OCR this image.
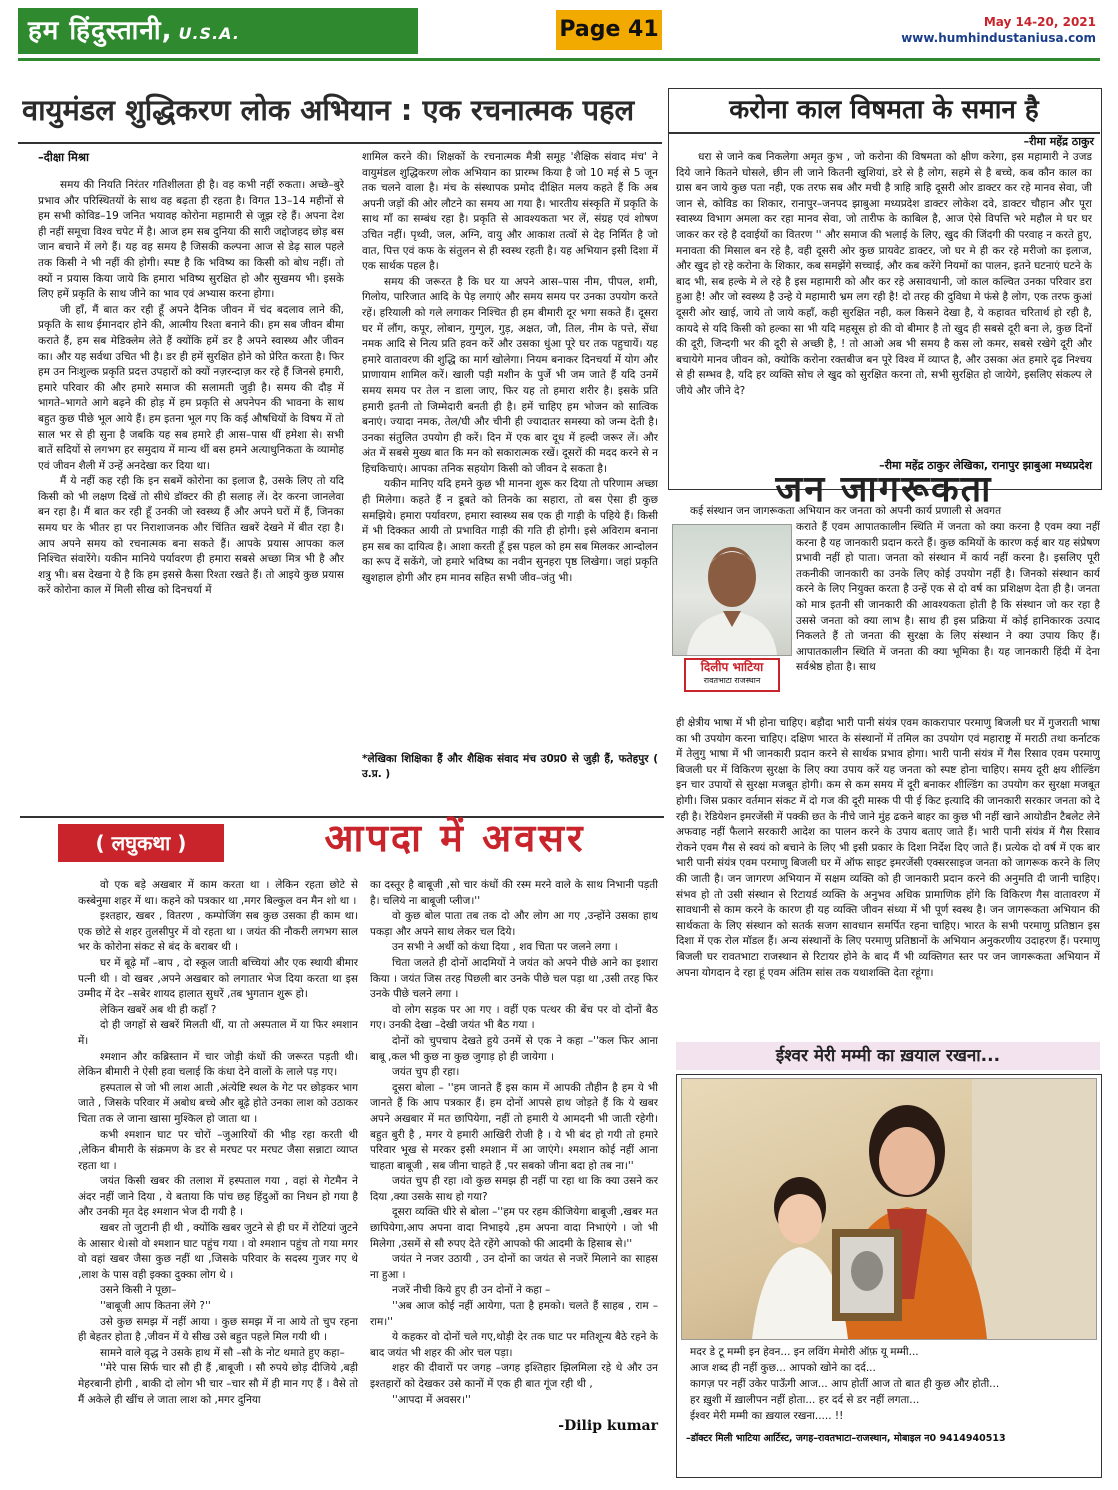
हम हिंदुस्तानी, U.S.A.	Page 41	May 14-20, 2021
www.humhindustaniusa.com
वायुमंडल शुद्धिकरण लोक अभियान : एक रचनात्मक पहल
–दीक्षा मिश्रा

समय की नियति निरंतर गतिशीलता ही है। वह कभी नहीं रुकता। अच्छे–बुरे प्रभाव और परिस्थितयों के साथ वह बढ़ता ही रहता है। विगत 13–14 महीनों से हम सभी कोविड–19 जनित भयावह कोरोना महामारी से जूझ रहे हैं। अपना देश ही नहीं समूचा विश्व चपेट में है। आज हम सब दुनिया की सारी जद्दोजहद छोड़ बस जान बचाने में लगे हैं। यह वह समय है जिसकी कल्पना आज से डेढ़ साल पहले तक किसी ने भी नहीं की होगी। स्पष्ट है कि भविष्य का किसी को बोध नहीं। तो क्यों न प्रयास किया जाये कि हमारा भविष्य सुरक्षित हो और सुखमय भी। इसके लिए हमें प्रकृति के साथ जीने का भाव एवं अभ्यास करना होगा।

जी हाँ, मैं बात कर रही हूँ अपने दैनिक जीवन में चंद बदलाव लाने की, प्रकृति के साथ ईमानदार होने की, आत्मीय रिश्ता बनाने की। हम सब जीवन बीमा कराते हैं, हम सब मेडिक्लेम लेते हैं क्योंकि हमें डर है अपने स्वास्थ्य और जीवन का। और यह सर्वथा उचित भी है। डर ही हमें सुरक्षित होने को प्रेरित करता है। फिर हम उन निःशुल्क प्रकृति प्रदत्त उपहारों को क्यों नज़रन्दाज़ कर रहे हैं जिनसे हमारी, हमारे परिवार की और हमारे समाज की सलामती जुड़ी है। समय की दौड़ में भागते–भागते आगे बढ़ने की होड़ में हम प्रकृति से अपनेपन की भावना के साथ बहुत कुछ पीछे भूल आये हैं। हम इतना भूल गए कि कई औषधियों के विषय में तो साल भर से ही सुना है जबकि यह सब हमारे ही आस–पास थीं हमेशा से। सभी बातें सदियों से लगभग हर समुदाय में मान्य थीं बस हमने अत्याधुनिकता के व्यामोह एवं जीवन शैली में उन्हें अनदेखा कर दिया था।

मैं ये नहीं कह रही कि इन सबमें कोरोना का इलाज है, उसके लिए तो यदि किसी को भी लक्षण दिखें तो सीधे डॉक्टर की ही सलाह लें। देर करना जानलेवा बन रहा है। मैं बात कर रही हूँ उनकी जो स्वस्थ्य हैं और अपने घरों में हैं, जिनका समय घर के भीतर हा पर निराशाजनक और चिंतित खबरें देखने में बीत रहा है। आप अपने समय को रचनात्मक बना सकते हैं। आपके प्रयास आपका कल निश्चित संवारेंगे। यकीन मानिये पर्यावरण ही हमारा सबसे अच्छा मित्र भी है और शत्रु भी। बस देखना ये है कि हम इससे कैसा रिश्ता रखते हैं। तो आइये कुछ प्रयास करें कोरोना काल में मिली सीख को दिनचर्या में

शामिल करने की। शिक्षकों के रचनात्मक मैत्री समूह 'शैक्षिक संवाद मंच' ने वायुमंडल शुद्धिकरण लोक अभियान का प्रारम्भ किया है जो 10 मई से 5 जून तक चलने वाला है। मंच के संस्थापक प्रमोद दीक्षित मलय कहते हैं कि अब अपनी जड़ों की ओर लौटने का समय आ गया है। भारतीय संस्कृति में प्रकृति के साथ माँ का सम्बंध रहा है। प्रकृति से आवश्यकता भर लें, संग्रह एवं शोषण उचित नहीं। पृथ्वी, जल, अग्नि, वायु और आकाश तत्वों से देह निर्मित है जो वात, पित्त एवं कफ के संतुलन से ही स्वस्थ रहती है। यह अभियान इसी दिशा में एक सार्थक पहल है।

समय की जरूरत है कि घर या अपने आस–पास नीम, पीपल, शमी, गिलोय, पारिजात आदि के पेड़ लगाएं और समय समय पर उनका उपयोग करते रहें। हरियाली को गले लगाकर निश्चित ही हम बीमारी दूर भगा सकते हैं। दूसरा घर में लौंग, कपूर, लोबान, गुग्गुल, गुड़, अक्षत, जौ, तिल, नीम के पत्ते, सेंधा नमक आदि से नित्य प्रति हवन करें और उसका धुंआ पूरे घर तक पहुचायें। यह हमारे वातावरण की शुद्धि का मार्ग खोलेगा। नियम बनाकर दिनचर्या में योग और प्राणायाम शामिल करें। खाली पड़ी मशीन के पुर्जे भी जम जाते हैं यदि उनमें समय समय पर तेल न डाला जाए, फिर यह तो हमारा शरीर है। इसके प्रति हमारी इतनी तो जिम्मेदारी बनती ही है। हमें चाहिए हम भोजन को सात्विक बनाएं। ज्यादा नमक, तेल/घी और चीनी ही ज्यादातर समस्या को जन्म देती है। उनका संतुलित उपयोग ही करें। दिन में एक बार दूध में हल्दी जरूर लें। और अंत में सबसे मुख्य बात कि मन को सकारात्मक रखें। दूसरों की मदद करने से न हिचकिचाएं। आपका तनिक सहयोग किसी को जीवन दे सकता है।

यकीन मानिए यदि हमने कुछ भी मानना शुरू कर दिया तो परिणाम अच्छा ही मिलेगा। कहते हैं न डूबते को तिनके का सहारा, तो बस ऐसा ही कुछ समझिये। हमारा पर्यावरण, हमारा स्वास्थ्य सब एक ही गाड़ी के पहिये हैं। किसी में भी दिक्कत आयी तो प्रभावित गाड़ी की गति ही होगी। इसे अविराम बनाना हम सब का दायित्व है। आशा करती हूँ इस पहल को हम सब मिलकर आन्दोलन का रूप दें सकेंगे, जो हमारे भविष्य का नवीन सुनहरा पृष्ठ लिखेगा। जहां प्रकृति खुशहाल होगी और हम मानव सहित सभी जीव–जंतु भी।

*लेखिका शिक्षिका हैं और शैक्षिक संवाद मंच उ0प्र0 से जुड़ी हैं, फतेहपुर ( उ.प्र. )
करोना काल विषमता के समान है
–रीमा महेंद्र ठाकुर

धरा से जाने कब निकलेगा अमृत कुभ , जो करोना की विषमता को क्षीण करेगा, इस महामारी ने उजड दिये जाने कितने घोसले, छीन ली जाने कितनी खुशियां, डरे से है लोग, सहमे से है बच्चे, कब कौन काल का ग्रास बन जाये कुछ पता नही, एक तरफ सब और मची है त्राहि त्राहि दूसरी ओर डाक्टर कर रहे मानव सेवा, जी जान से, कोविड का शिकार, रानापुर–जनपद झाबुआ मध्यप्रदेश डाक्टर लोकेश दवे, डाक्टर चौहान और पूरा स्वास्थ्य विभाग अमला कर रहा मानव सेवा, जो तारीफ के काबिल है, आज ऐसे विपत्ति भरे महौल मे घर घर जाकर कर रहे है दवाईयों का वितरण '' और समाज की भलाई के लिए, खुद की जिंदगी की परवाह न करते हुए, मनावता की मिसाल बन रहे है, वही दूसरी ओर कुछ प्रायवेट डाक्टर, जो घर मे ही कर रहे मरीजो का इलाज, और खुद हो रहे करोना के शिकार, कब समझेंगे सच्चाई, और कब करेंगे नियमों का पालन, इतने घटनाएं घटने के बाद भी, सब हल्के मे ले रहे है इस महामारी को और कर रहे असावधानी, जो काल कल्वित उनका परिवार डरा हुआ है! और जो स्वस्थ्य है उन्हे ये महामारी भ्रम लग रही है! दो तरह की दुविधा मे फंसे है लोग, एक तरफ कुआं दूसरी ओर खाई, जाये तो जाये कहाँ, कही सुरक्षित नही, कल किसने देखा है, ये कहावत चरितार्थ हो रही है, कायदे से यदि किसी को हल्का सा भी यदि महसूस हो की वो बीमार है तो खुद ही सबसे दूरी बना ले, कुछ दिनों की दूरी, जिन्दगी भर की दूरी से अच्छी है, ! तो आओ अब भी समय है कस लो कमर, सबसे रखेगे दूरी और बचायेगे मानव जीवन को, क्योकि करोना रक्तबीज बन पूरे विश्व में व्याप्त है, और उसका अंत हमारे दृढ निश्चय से ही सम्भव है, यदि हर व्यक्ति सोच ले खुद को सुरक्षित करना तो, सभी सुरक्षित हो जायेगे, इसलिए संकल्प ले जीये और जीने दे?

–रीमा महेंद्र ठाकुर लेखिका, रानापुर झाबुआ मध्यप्रदेश
जन जागरूकता
कई संस्थान जन जागरूकता अभियान कर जनता को अपनी कार्य प्रणाली से अवगत
दिलीप भाटिया
रावतभाटा राजस्थान

कराते हैं एवम आपातकालीन स्थिति में जनता को क्या करना है एवम क्या नहीं करना है यह जानकारी प्रदान करते हैं। कुछ कमियों के कारण कई बार यह संप्रेषण प्रभावी नहीं हो पाता। जनता को संस्थान में कार्य नहीं करना है। इसलिए पूरी तकनीकी जानकारी का उनके लिए कोई उपयोग नहीं है। जिनको संस्थान कार्य करने के लिए नियुक्त करता है उन्हें एक से दो वर्ष का प्रशिक्षण देता ही है। जनता को मात्र इतनी सी जानकारी की आवश्यकता होती है कि संस्थान जो कर रहा है उससे जनता को क्या लाभ है। साथ ही इस प्रक्रिया में कोई हानिकारक उत्पाद निकलते हैं तो जनता की सुरक्षा के लिए संस्थान ने क्या उपाय किए हैं। आपातकालीन स्थिति में जनता की क्या भूमिका है। यह जानकारी हिंदी में देना सर्वश्रेष्ठ होता है। साथ

ही क्षेत्रीय भाषा में भी होना चाहिए। बड़ौदा भारी पानी संयंत्र एवम काकरापार परमाणु बिजली घर में गुजराती भाषा का भी उपयोग करना चाहिए। दक्षिण भारत के संस्थानों में तमिल का उपयोग एवं महाराष्ट्र में मराठी तथा कर्नाटक में तेलुगु भाषा में भी जानकारी प्रदान करने से सार्थक प्रभाव होगा। भारी पानी संयंत्र में गैस रिसाव एवम परमाणु बिजली घर में विकिरण सुरक्षा के लिए क्या उपाय करें यह जनता को स्पष्ट होना चाहिए। समय दूरी क्षय शील्डिंग इन चार उपायों से सुरक्षा मजबूत होगी। कम से कम समय में दूरी बनाकर शील्डिंग का उपयोग कर सुरक्षा मजबूत होगी। जिस प्रकार वर्तमान संकट में दो गज की दूरी मास्क पी पी ई किट इत्यादि की जानकारी सरकार जनता को दे रही है। रेडियेशन इमरजेंसी में पक्की छत के नीचे जाने मुंह ढकने बाहर का कुछ भी नहीं खाने आयोडीन टैबलेट लेने अफवाह नहीं फैलाने सरकारी आदेश का पालन करने के उपाय बताए जाते हैं। भारी पानी संयंत्र में गैस रिसाव रोकने एवम गैस से स्वयं को बचाने के लिए भी इसी प्रकार के दिशा निर्देश दिए जाते हैं। प्रत्येक दो वर्ष में एक बार भारी पानी संयंत्र एवम परमाणु बिजली घर में ऑफ साइट इमरजेंसी एक्सरसाइज जनता को जागरूक करने के लिए की जाती है। जन जागरण अभियान में सक्षम व्यक्ति को ही जानकारी प्रदान करने की अनुमति दी जानी चाहिए। संभव हो तो उसी संस्थान से रिटायर्ड व्यक्ति के अनुभव अधिक प्रामाणिक होंगे कि विकिरण गैस वातावरण में सावधानी से काम करने के कारण ही यह व्यक्ति जीवन संध्या में भी पूर्ण स्वस्थ है। जन जागरूकता अभियान की सार्थकता के लिए संस्थान को सतर्क सजग सावधान समर्पित रहना चाहिए। भारत के सभी परमाणु प्रतिष्ठान इस दिशा में एक रोल मॉडल हैं। अन्य संस्थानों के लिए परमाणु प्रतिष्ठानों के अभियान अनुकरणीय उदाहरण हैं। परमाणु बिजली घर रावतभाटा राजस्थान से रिटायर होने के बाद मैं भी व्यक्तिगत स्तर पर जन जागरूकता अभियान में अपना योगदान दे रहा हूं एवम अंतिम सांस तक यथाशक्ति देता रहूंगा।

ईश्वर मेरी मम्मी का ख़याल रखना...
मदर डे टू मम्मी इन हेवन... इन लविंग मेमोरी ऑफ़ यू मम्मी...
आज शब्द ही नहीं कुछ... आपको खोने का दर्द...
कागज़ पर नहीं उकेर पाऊँगी आज... आप होतीं आज तो बात ही कुछ और होती...
हर ख़ुशी में ख़ालीपन नहीं होता... हर दर्द से डर नहीं लगता...
ईश्वर मेरी मम्मी का ख़याल रखना..... !!
–डॉक्टर मिली भाटिया आर्टिस्ट, जगह–रावतभाटा–राजस्थान, मोबाइल न0 9414940513
( लघुकथा )	आपदा में अवसर

वो एक बड़े अखबार में काम करता था । लेकिन रहता छोटे से कस्बेनुमा शहर में था। कहने को पत्रकार था ,मगर बिल्कुल वन मैन शो था ।

इश्तहार, खबर , वितरण , कम्पोजिंग सब कुछ उसका ही काम था। एक छोटे से शहर तुलसीपुर में वो रहता था । जयंत की नौकरी लगभग साल भर के कोरोना संकट से बंद के बराबर थी ।

घर में बूढ़े माँ –बाप , दो स्कूल जाती बच्चियां और एक स्थायी बीमार पत्नी थी । वो खबर ,अपने अखबार को लगातार भेज दिया करता था इस उम्मीद में देर –सबेर शायद हालात सुधरें ,तब भुगतान शुरू हो।

लेकिन खबरें अब थी ही कहाँ ?

दो ही जगहों से खबरें मिलती थीं, या तो अस्पताल में या फिर श्मशान में।

श्मशान और कब्रिस्तान में चार जोड़ी कंधों की जरूरत पड़ती थी। लेकिन बीमारी ने ऐसी हवा चलाई कि कंधा देने वालों के लाले पड़ गए।

हस्पताल से जो भी लाश आती ,अंत्येष्टि स्थल के गेट पर छोड़कर भाग जाते , जिसके परिवार में अबोध बच्चे और बूढ़े होते उनका लाश को उठाकर चिता तक ले जाना खासा मुश्किल हो जाता था ।

कभी श्मशान घाट पर चोरों –जुआरियों की भीड़ रहा करती थी ,लेकिन बीमारी के संक्रमण के डर से मरघट पर मरघट जैसा सन्नाटा व्याप्त रहता था ।

जयंत किसी खबर की तलाश में हस्पताल गया , वहां से गेटमैन ने अंदर नहीं जाने दिया , ये बताया कि पांच छह हिंदुओं का निधन हो गया है और उनकी मृत देह श्मशान भेज दी गयी है ।

खबर तो जुटानी ही थी , क्योंकि खबर जुटने से ही घर में रोटियां जुटने के आसार थे।सो वो श्मशान घाट पहुंच गया । वो श्मशान पहुंच तो गया मगर वो वहां खबर जैसा कुछ नहीं था ,जिसके परिवार के सदस्य गुजर गए थे ,लाश के पास वही इक्का दुक्का लोग थे ।

उसने किसी ने पूछा–

''बाबूजी आप कितना लेंगे ?''

उसे कुछ समझ में नहीं आया । कुछ समझ में ना आये तो चुप रहना ही बेहतर होता है ,जीवन में ये सीख उसे बहुत पहले मिल गयी थी ।

सामने वाले वृद्ध ने उसके हाथ में सौ –सौ के नोट थमाते हुए कहा–

''मेरे पास सिर्फ चार सौ ही हैं ,बाबूजी । सौ रुपये छोड़ दीजिये ,बड़ी मेहरबानी होगी , बाकी दो लोग भी चार –चार सौ में ही मान गए हैं । वैसे तो मैं अकेले ही खींच ले जाता लाश को ,मगर दुनिया

का दस्तूर है बाबूजी ,सो चार कंधों की रस्म मरने वाले के साथ निभानी पड़ती है। चलिये ना बाबूजी प्लीज।''

वो कुछ बोल पाता तब तक दो और लोग आ गए ,उन्होंने उसका हाथ पकड़ा और अपने साथ लेकर चल दिये।

उन सभी ने अर्थी को कंधा दिया , शव चिता पर जलने लगा ।

चिता जलते ही दोनों आदमियों ने जयंत को अपने पीछे आने का इशारा किया । जयंत जिस तरह पिछली बार उनके पीछे चल पड़ा था ,उसी तरह फिर उनके पीछे चलने लगा ।

वो लोग सड़क पर आ गए । वहीं एक पत्थर की बेंच पर वो दोनों बैठ गए। उनकी देखा –देखी जयंत भी बैठ गया ।

दोनों को चुपचाप देखते हुये उनमें से एक ने कहा –''कल फिर आना बाबू ,कल भी कुछ ना कुछ जुगाड़ हो ही जायेगा ।

जयंत चुप ही रहा।

दूसरा बोला – ''हम जानते हैं इस काम में आपकी तौहीन है हम ये भी जानते हैं कि आप पत्रकार हैं। हम दोनों आपसे हाथ जोड़ते हैं कि ये खबर अपने अखबार में मत छापियेगा, नहीं तो हमारी ये आमदनी भी जाती रहेगी। बहुत बुरी है , मगर ये हमारी आखिरी रोजी है । ये भी बंद हो गयी तो हमारे परिवार भूख से मरकर इसी श्मशान में आ जाएंगे। श्मशान कोई नहीं आना चाहता बाबूजी , सब जीना चाहते हैं ,पर सबको जीना बदा हो तब ना।''

जयंत चुप ही रहा ।वो कुछ समझ ही नहीं पा रहा था कि क्या उसने कर दिया ,क्या उसके साथ हो गया?

दूसरा व्यक्ति धीरे से बोला –''हम पर रहम कीजियेगा बाबूजी ,खबर मत छापियेगा,आप अपना वादा निभाइये ,हम अपना वादा निभाएंगे । जो भी मिलेगा ,उसमें से सौ रुपए देते रहेंगे आपको फी आदमी के हिसाब से।''

जयंत ने नजर उठायी , उन दोनों का जयंत से नजरें मिलाने का साहस ना हुआ ।

नजरें नीची किये हुए ही उन दोनों ने कहा –

''अब आज कोई नहीं आयेगा, पता है हमको। चलते हैं साहब , राम –राम।''

ये कहकर वो दोनों चले गए,थोड़ी देर तक घाट पर मतिशून्य बैठे रहने के बाद जयंत भी शहर की ओर चल पड़ा।

शहर की दीवारों पर जगह –जगह इश्तिहार झिलमिला रहे थे और उन इश्तहारों को देखकर उसे कानों में एक ही बात गूंज रही थी ,

''आपदा में अवसर।''

-Dilip kumar
